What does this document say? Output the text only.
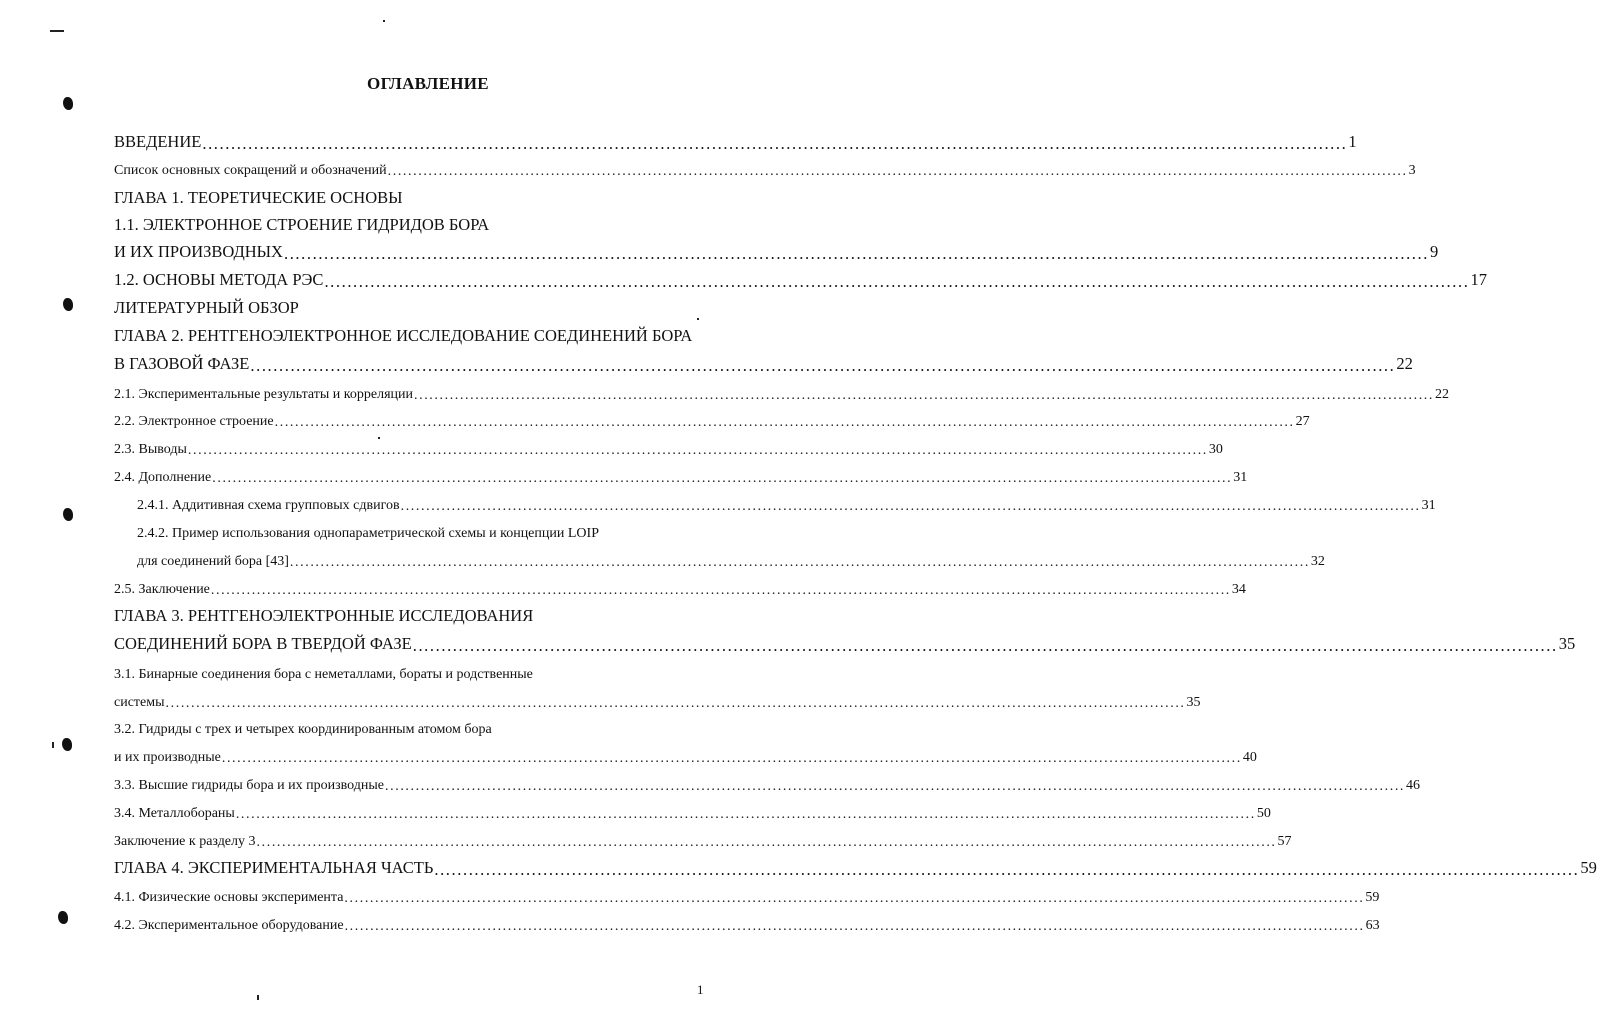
ОГЛАВЛЕНИЕ
ВВЕДЕНИЕ ........................................................................................................................................................................................................ 1
Список основных сокращений и обозначений ........................................................................................................................................................................................................ 3
ГЛАВА 1. ТЕОРЕТИЧЕСКИЕ ОСНОВЫ
1.1. ЭЛЕКТРОННОЕ СТРОЕНИЕ ГИДРИДОВ БОРА
И ИХ ПРОИЗВОДНЫХ ........................................................................................................................................................................................................ 9
1.2. ОСНОВЫ МЕТОДА РЭС ........................................................................................................................................................................................................ 17
ЛИТЕРАТУРНЫЙ ОБЗОР
ГЛАВА 2. РЕНТГЕНОЭЛЕКТРОННОЕ ИССЛЕДОВАНИЕ СОЕДИНЕНИЙ БОРА
В ГАЗОВОЙ ФАЗЕ ........................................................................................................................................................................................................ 22
2.1. Экспериментальные результаты и корреляции ........................................................................................................................................................................................................ 22
2.2. Электронное строение ........................................................................................................................................................................................................ 27
2.3. Выводы ........................................................................................................................................................................................................ 30
2.4. Дополнение ........................................................................................................................................................................................................ 31
2.4.1. Аддитивная схема групповых сдвигов ........................................................................................................................................................................................................ 31
2.4.2. Пример использования однопараметрической схемы и концепции LOIP
для соединений бора [43] ........................................................................................................................................................................................................ 32
2.5. Заключение ........................................................................................................................................................................................................ 34
ГЛАВА 3. РЕНТГЕНОЭЛЕКТРОННЫЕ ИССЛЕДОВАНИЯ
СОЕДИНЕНИЙ БОРА В ТВЕРДОЙ ФАЗЕ ........................................................................................................................................................................................................ 35
3.1. Бинарные соединения бора с неметаллами, бораты и родственные
системы ........................................................................................................................................................................................................ 35
3.2. Гидриды с трех и четырех координированным атомом бора
и их производные ........................................................................................................................................................................................................ 40
3.3. Высшие гидриды бора и их производные ........................................................................................................................................................................................................ 46
3.4. Металлобораны ........................................................................................................................................................................................................ 50
Заключение к разделу 3 ........................................................................................................................................................................................................ 57
ГЛАВА 4. ЭКСПЕРИМЕНТАЛЬНАЯ ЧАСТЬ ........................................................................................................................................................................................................ 59
4.1. Физические основы эксперимента ........................................................................................................................................................................................................ 59
4.2. Экспериментальное оборудование ........................................................................................................................................................................................................ 63
1
